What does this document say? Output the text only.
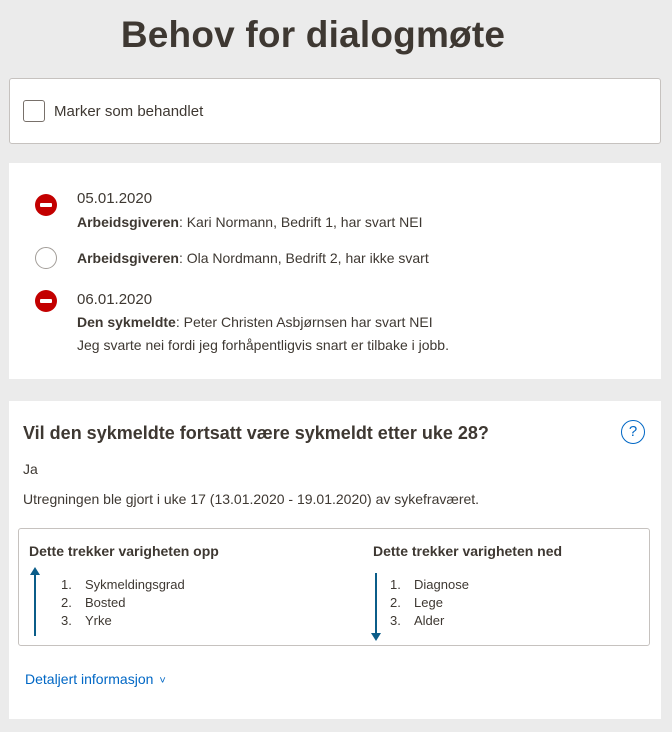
Behov for dialogmøte
Marker som behandlet
05.01.2020
Arbeidsgiveren: Kari Normann, Bedrift 1, har svart NEI
Arbeidsgiveren: Ola Nordmann, Bedrift 2, har ikke svart
06.01.2020
Den sykmeldte: Peter Christen Asbjørnsen har svart NEI
Jeg svarte nei fordi jeg forhåpentligvis snart er tilbake i jobb.
Vil den sykmeldte fortsatt være sykmeldt etter uke 28?	?
Ja
Utregningen ble gjort i uke 17 (13.01.2020 - 19.01.2020) av sykefraværet.
Dette trekker varigheten opp
1. Sykmeldingsgrad
2. Bosted
3. Yrke
Dette trekker varigheten ned
1. Diagnose
2. Lege
3. Alder
Detaljert informasjon ˅
